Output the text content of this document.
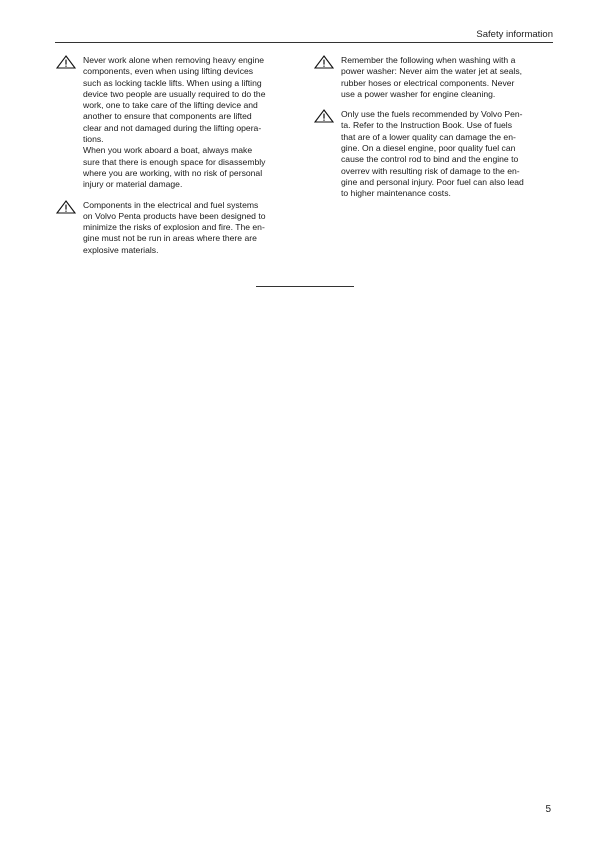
Safety information

Never work alone when removing heavy engine
components, even when using lifting devices
such as locking tackle lifts. When using a lifting
device two people are usually required to do the
work, one to take care of the lifting device and
another to ensure that components are lifted
clear and not damaged during the lifting opera-
tions.

When you work aboard a boat, always make
sure that there is enough space for disassembly
where you are working, with no risk of personal
injury or material damage.

Components in the electrical and fuel systems
on Volvo Penta products have been designed to
minimize the risks of explosion and fire. The en-
gine must not be run in areas where there are
explosive materials.

Remember the following when washing with a
power washer: Never aim the water jet at seals,
rubber hoses or electrical components. Never
use a power washer for engine cleaning.

Only use the fuels recommended by Volvo Pen-
ta. Refer to the Instruction Book. Use of fuels
that are of a lower quality can damage the en-
gine. On a diesel engine, poor quality fuel can
cause the control rod to bind and the engine to
overrev with resulting risk of damage to the en-
gine and personal injury. Poor fuel can also lead
to higher maintenance costs.

5
